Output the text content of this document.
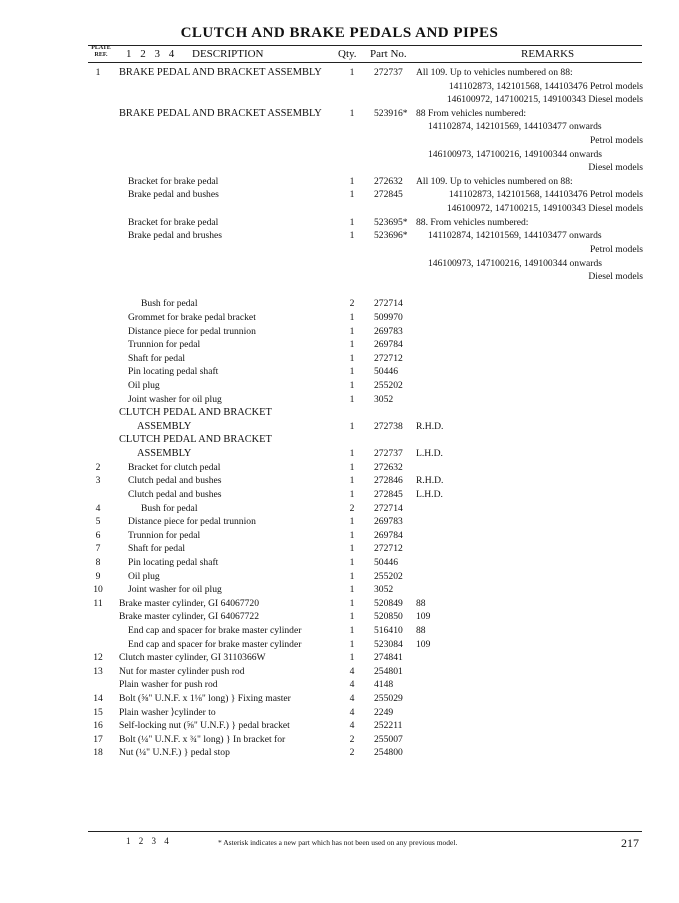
CLUTCH AND BRAKE PEDALS AND PIPES
PLATE REF.	1 2 3 4 DESCRIPTION	Qty. Part No.	REMARKS
1	BRAKE PEDAL AND BRACKET ASSEMBLY	1	272737 All 109. Up to vehicles numbered on 88:
141102873, 142101568, 144103476 Petrol models
146100972, 147100215, 149100343 Diesel models
BRAKE PEDAL AND BRACKET ASSEMBLY	1	523916* 88 From vehicles numbered:
141102874, 142101569, 144103477 onwards
Petrol models
146100973, 147100216, 149100344 onwards
Diesel models
Bracket for brake pedal	1	272632 All 109. Up to vehicles numbered on 88:
Brake pedal and bushes	1	272845	141102873, 142101568, 144103476 Petrol models
146100972, 147100215, 149100343 Diesel models
Bracket for brake pedal	1	523695* 88. From vehicles numbered:
Brake pedal and brushes	1	523696* 141102874, 142101569, 144103477 onwards
Petrol models
146100973, 147100216, 149100344 onwards
Diesel models
Bush for pedal	2	272714
Grommet for brake pedal bracket	1	509970
Distance piece for pedal trunnion	1	269783
Trunnion for pedal	1	269784
Shaft for pedal	1	272712
Pin locating pedal shaft	1	50446
Oil plug	1	255202
Joint washer for oil plug	1	3052
CLUTCH PEDAL AND BRACKET
ASSEMBLY	1	272738 R.H.D.
CLUTCH PEDAL AND BRACKET
ASSEMBLY	1	272737 L.H.D.
2	Bracket for clutch pedal	1	272632
3	Clutch pedal and bushes	1	272846 R.H.D.
Clutch pedal and bushes	1	272845 L.H.D.
4	Bush for pedal	2	272714
5	Distance piece for pedal trunnion	1	269783
6	Trunnion for pedal	1	269784
7	Shaft for pedal	1	272712
8	Pin locating pedal shaft	1	50446
9	Oil plug	1	255202
10	Joint washer for oil plug	1	3052
11	Brake master cylinder, GI 64067720	1	520849 88
Brake master cylinder, GI 64067722	1	520850 109
End cap and spacer for brake master cylinder	1	516410 88
End cap and spacer for brake master cylinder	1	523084 109
12	Clutch master cylinder, GI 3110366W	1	274841
13	Nut for master cylinder push rod	4	254801
Plain washer for push rod	4	4148
14	Bolt (⅝" U.N.F. x 1⅛" long) } Fixing master	4	255029
15	Plain washer ⟩cylinder to	4	2249
16	Self-locking nut (⅝" U.N.F.) } pedal bracket	4	252211
17	Bolt (¼" U.N.F. x ¾" long) } In bracket for	2	255007
18	Nut (¼" U.N.F.) } pedal stop	2	254800
1 2 3 4	* Asterisk indicates a new part which has not been used on any previous model.	217
